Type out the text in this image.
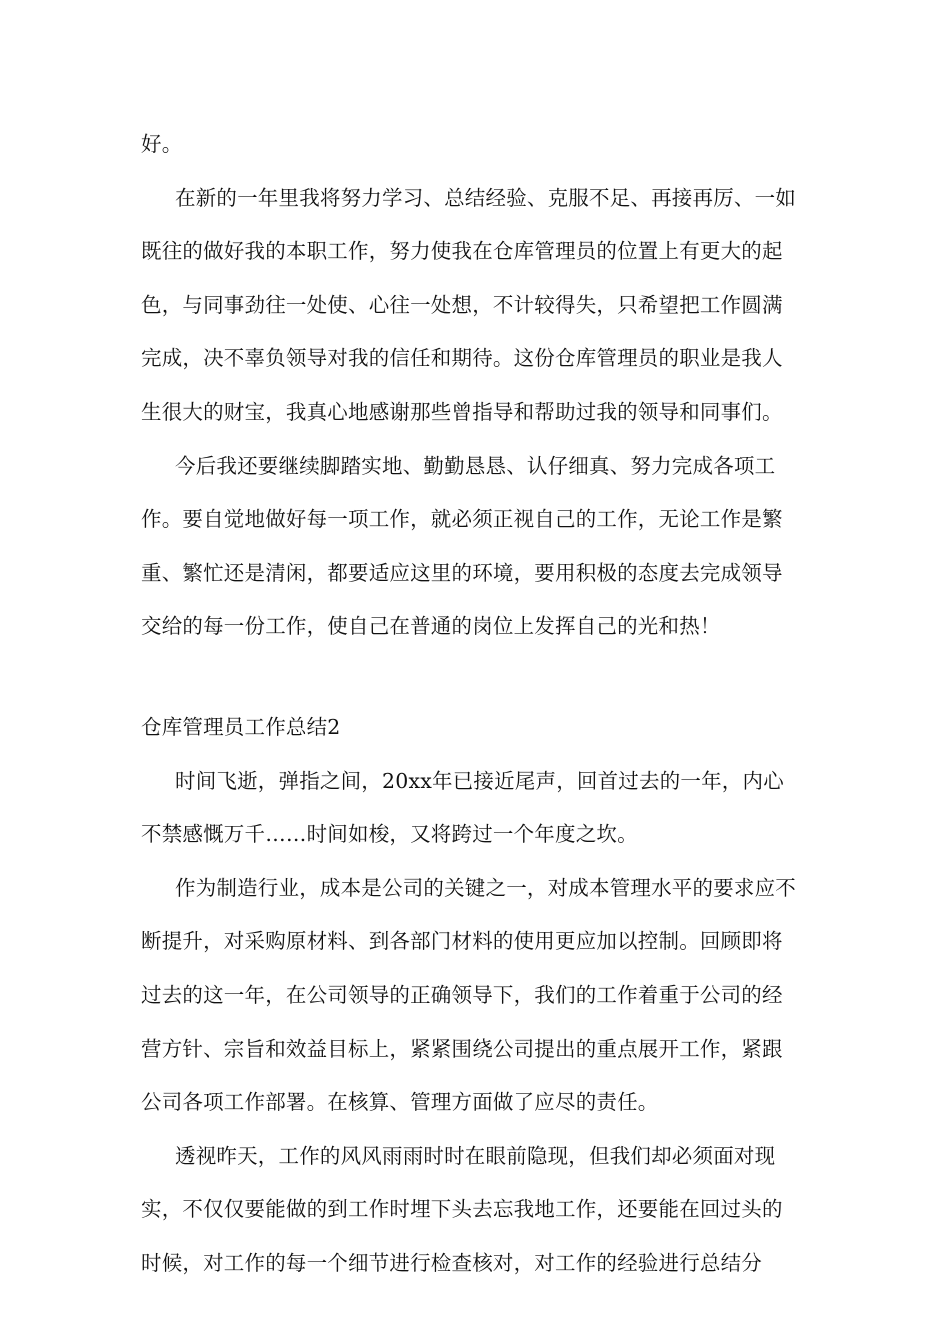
好。
在新的一年里我将努力学习、总结经验、克服不足、再接再厉、一如
既往的做好我的本职工作，努力使我在仓库管理员的位置上有更大的起
色，与同事劲往一处使、心往一处想，不计较得失，只希望把工作圆满
完成，决不辜负领导对我的信任和期待。这份仓库管理员的职业是我人
生很大的财宝，我真心地感谢那些曾指导和帮助过我的领导和同事们。
今后我还要继续脚踏实地、勤勤恳恳、认仔细真、努力完成各项工
作。要自觉地做好每一项工作，就必须正视自己的工作，无论工作是繁
重、繁忙还是清闲，都要适应这里的环境，要用积极的态度去完成领导
交给的每一份工作，使自己在普通的岗位上发挥自己的光和热！
仓库管理员工作总结2
时间飞逝，弹指之间，20xx年已接近尾声，回首过去的一年，内心
不禁感慨万千……时间如梭，又将跨过一个年度之坎。
作为制造行业，成本是公司的关键之一，对成本管理水平的要求应不
断提升，对采购原材料、到各部门材料的使用更应加以控制。回顾即将
过去的这一年，在公司领导的正确领导下，我们的工作着重于公司的经
营方针、宗旨和效益目标上，紧紧围绕公司提出的重点展开工作，紧跟
公司各项工作部署。在核算、管理方面做了应尽的责任。
透视昨天，工作的风风雨雨时时在眼前隐现，但我们却必须面对现
实，不仅仅要能做的到工作时埋下头去忘我地工作，还要能在回过头的
时候，对工作的每一个细节进行检查核对，对工作的经验进行总结分
